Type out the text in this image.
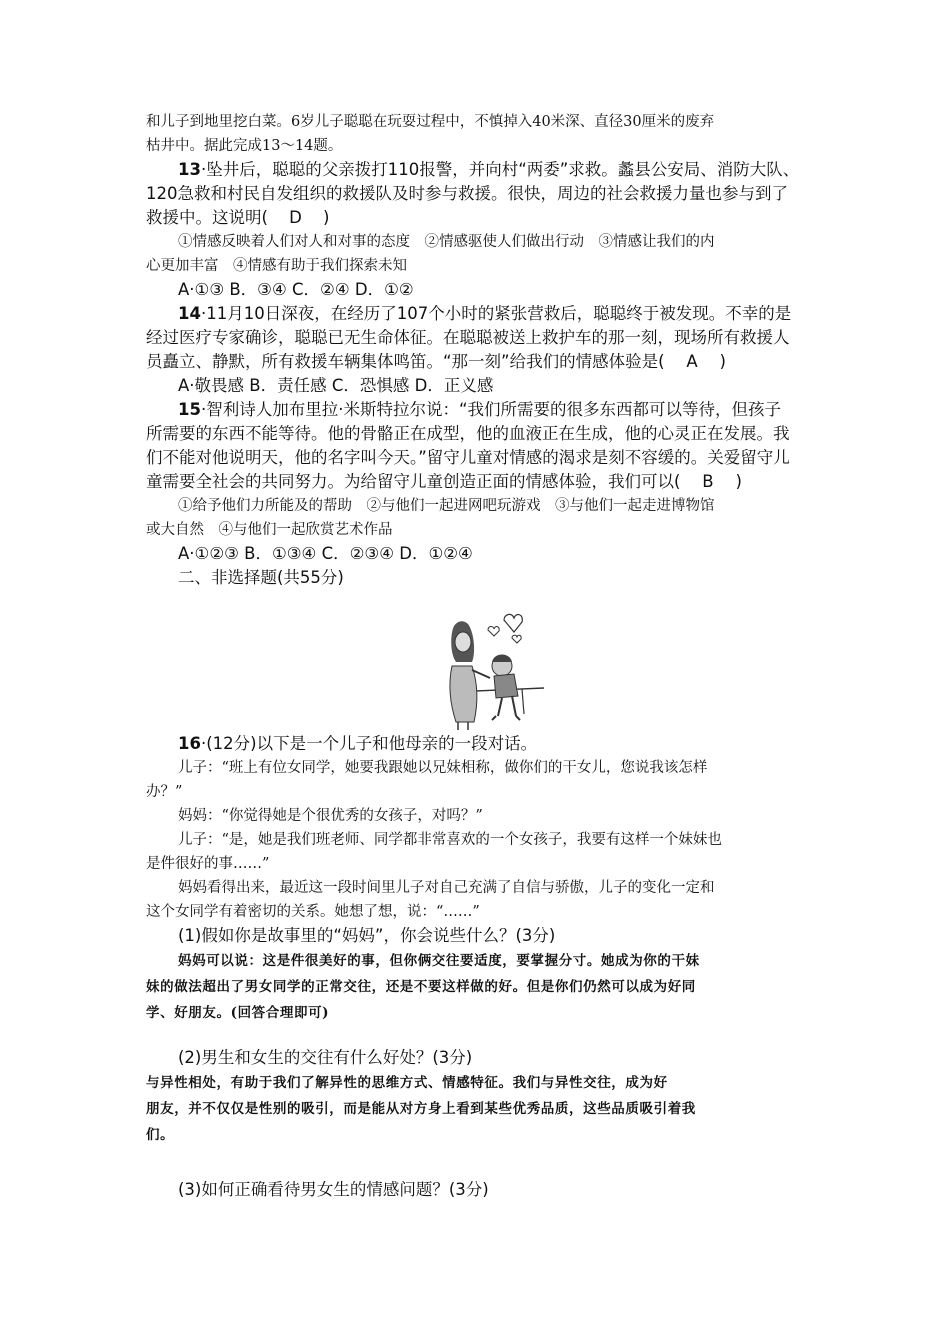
和儿子到地里挖白菜。6岁儿子聪聪在玩耍过程中，不慎掉入40米深、直径30厘米的废弃
枯井中。据此完成13～14题。
13·坠井后，聪聪的父亲拨打110报警，并向村“两委”求救。蠡县公安局、消防大队、
120急救和村民自发组织的救援队及时参与救援。很快，周边的社会救援力量也参与到了
救援中。这说明(　D　)
①情感反映着人们对人和对事的态度　②情感驱使人们做出行动　③情感让我们的内
心更加丰富　④情感有助于我们探索未知
A·①③ B．③④ C．②④ D．①②
14·11月10日深夜，在经历了107个小时的紧张营救后，聪聪终于被发现。不幸的是
经过医疗专家确诊，聪聪已无生命体征。在聪聪被送上救护车的那一刻，现场所有救援人
员矗立、静默，所有救援车辆集体鸣笛。“那一刻”给我们的情感体验是(　A　)
A·敬畏感 B．责任感 C．恐惧感 D．正义感
15·智利诗人加布里拉·米斯特拉尔说：“我们所需要的很多东西都可以等待，但孩子
所需要的东西不能等待。他的骨骼正在成型，他的血液正在生成，他的心灵正在发展。我
们不能对他说明天，他的名字叫今天。”留守儿童对情感的渴求是刻不容缓的。关爱留守儿
童需要全社会的共同努力。为给留守儿童创造正面的情感体验，我们可以(　B　)
①给予他们力所能及的帮助　②与他们一起进网吧玩游戏　③与他们一起走进博物馆
或大自然　④与他们一起欣赏艺术作品
A·①②③ B．①③④ C．②③④ D．①②④
二、非选择题(共55分)
16·(12分)以下是一个儿子和他母亲的一段对话。
儿子：“班上有位女同学，她要我跟她以兄妹相称，做你们的干女儿，您说我该怎样
办？”
妈妈：“你觉得她是个很优秀的女孩子，对吗？”
儿子：“是，她是我们班老师、同学都非常喜欢的一个女孩子，我要有这样一个妹妹也
是件很好的事……”
妈妈看得出来，最近这一段时间里儿子对自己充满了自信与骄傲，儿子的变化一定和
这个女同学有着密切的关系。她想了想，说：“……”
(1)假如你是故事里的“妈妈”，你会说些什么？(3分)
妈妈可以说：这是件很美好的事，但你俩交往要适度，要掌握分寸。她成为你的干妹
妹的做法超出了男女同学的正常交往，还是不要这样做的好。但是你们仍然可以成为好同
学、好朋友。(回答合理即可)
(2)男生和女生的交往有什么好处？(3分)
与异性相处，有助于我们了解异性的思维方式、情感特征。我们与异性交往，成为好
朋友，并不仅仅是性别的吸引，而是能从对方身上看到某些优秀品质，这些品质吸引着我
们。
(3)如何正确看待男女生的情感问题？(3分)
